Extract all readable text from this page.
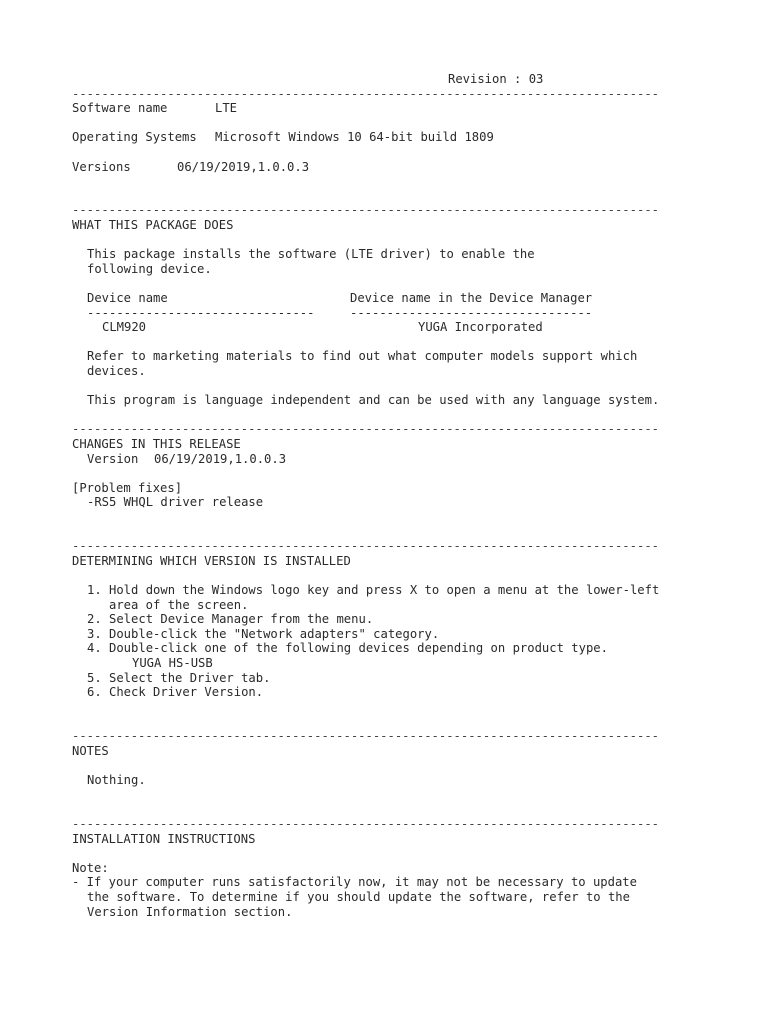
Revision : 03
--------------------------------------------------------------------------------
Software name	LTE
Operating Systems Microsoft Windows 10 64-bit build 1809
Versions	06/19/2019,1.0.0.3
--------------------------------------------------------------------------------
WHAT THIS PACKAGE DOES
This package installs the software (LTE driver) to enable the
following device.
Device name	Device name in the Device Manager
-------------------------------	---------------------------------
CLM920	YUGA Incorporated
Refer to marketing materials to find out what computer models support which
devices.
This program is language independent and can be used with any language system.
--------------------------------------------------------------------------------
CHANGES IN THIS RELEASE
Version 06/19/2019,1.0.0.3
[Problem fixes]
-RS5 WHQL driver release
--------------------------------------------------------------------------------
DETERMINING WHICH VERSION IS INSTALLED
1. Hold down the Windows logo key and press X to open a menu at the lower-left
area of the screen.
2. Select Device Manager from the menu.
3. Double-click the "Network adapters" category.
4. Double-click one of the following devices depending on product type.
YUGA HS-USB
5. Select the Driver tab.
6. Check Driver Version.
--------------------------------------------------------------------------------
NOTES
Nothing.
--------------------------------------------------------------------------------
INSTALLATION INSTRUCTIONS
Note:
- If your computer runs satisfactorily now, it may not be necessary to update
the software. To determine if you should update the software, refer to the
Version Information section.
